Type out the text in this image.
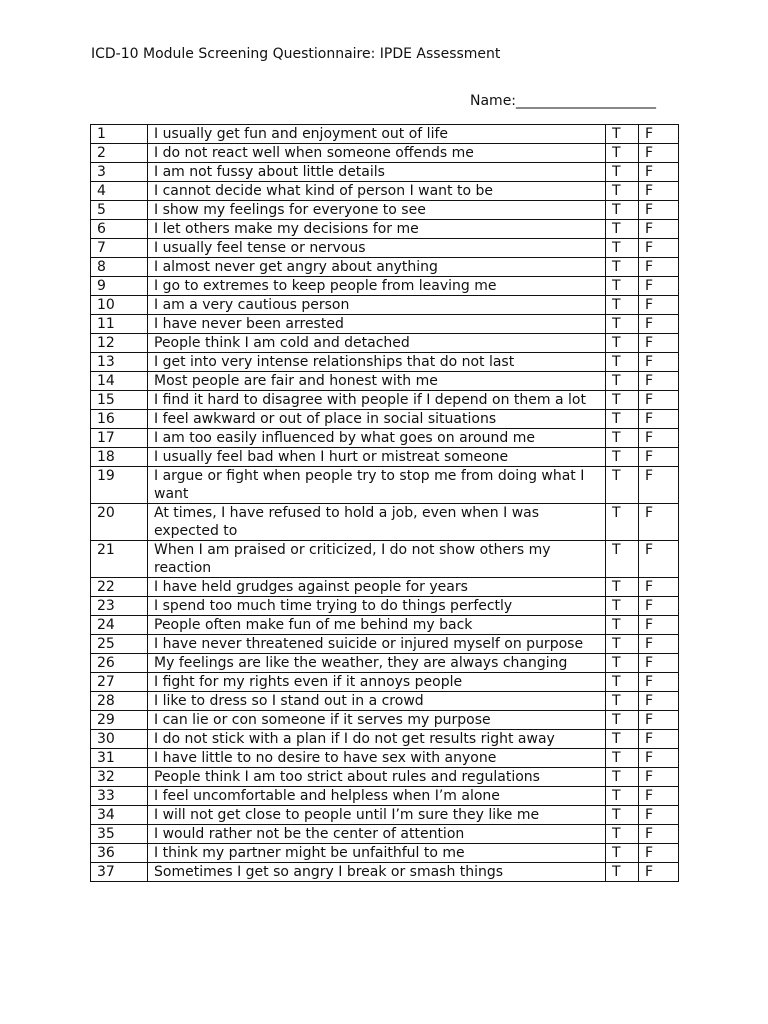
ICD-10 Module Screening Questionnaire: IPDE Assessment
Name:____________________
1	I usually get fun and enjoyment out of life	T	F
2	I do not react well when someone offends me	T	F
3	I am not fussy about little details	T	F
4	I cannot decide what kind of person I want to be	T	F
5	I show my feelings for everyone to see	T	F
6	I let others make my decisions for me	T	F
7	I usually feel tense or nervous	T	F
8	I almost never get angry about anything	T	F
9	I go to extremes to keep people from leaving me	T	F
10	I am a very cautious person	T	F
11	I have never been arrested	T	F
12	People think I am cold and detached	T	F
13	I get into very intense relationships that do not last	T	F
14	Most people are fair and honest with me	T	F
15	I find it hard to disagree with people if I depend on them a lot	T	F
16	I feel awkward or out of place in social situations	T	F
17	I am too easily influenced by what goes on around me	T	F
18	I usually feel bad when I hurt or mistreat someone	T	F
19	I argue or fight when people try to stop me from doing what I want	T	F
20	At times, I have refused to hold a job, even when I was expected to	T	F
21	When I am praised or criticized, I do not show others my reaction	T	F
22	I have held grudges against people for years	T	F
23	I spend too much time trying to do things perfectly	T	F
24	People often make fun of me behind my back	T	F
25	I have never threatened suicide or injured myself on purpose	T	F
26	My feelings are like the weather, they are always changing	T	F
27	I fight for my rights even if it annoys people	T	F
28	I like to dress so I stand out in a crowd	T	F
29	I can lie or con someone if it serves my purpose	T	F
30	I do not stick with a plan if I do not get results right away	T	F
31	I have little to no desire to have sex with anyone	T	F
32	People think I am too strict about rules and regulations	T	F
33	I feel uncomfortable and helpless when I’m alone	T	F
34	I will not get close to people until I’m sure they like me	T	F
35	I would rather not be the center of attention	T	F
36	I think my partner might be unfaithful to me	T	F
37	Sometimes I get so angry I break or smash things	T	F
